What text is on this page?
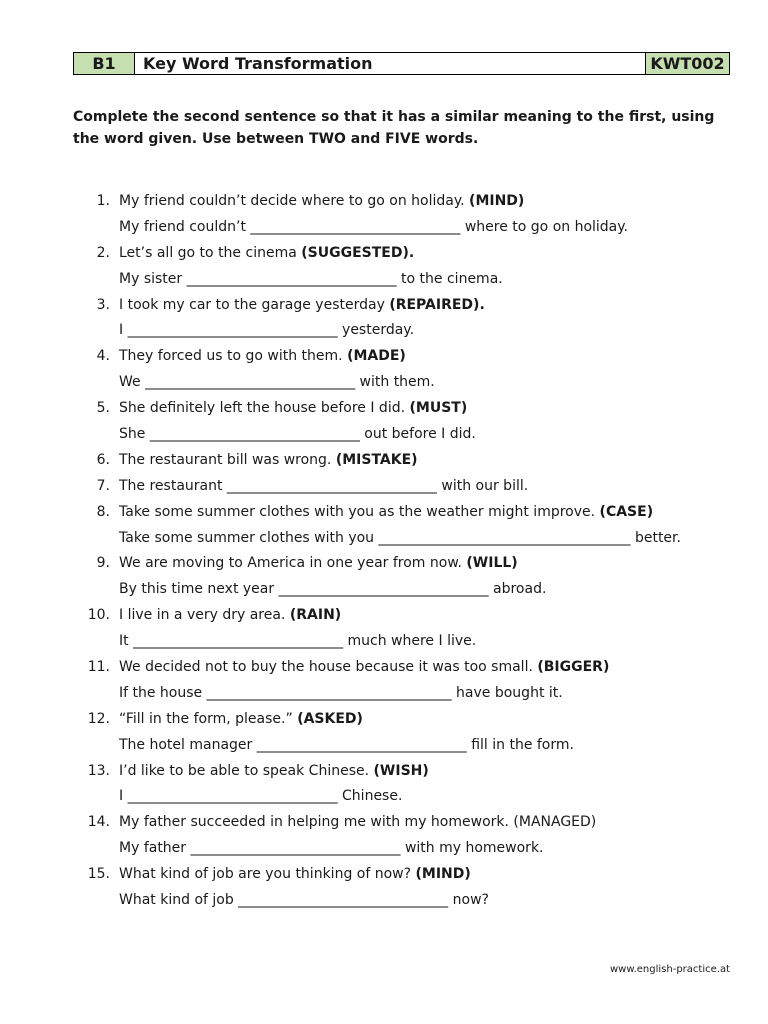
B1	Key Word Transformation	KWT002
Complete the second sentence so that it has a similar meaning to the first, using the word given. Use between TWO and FIVE words.
1. My friend couldn’t decide where to go on holiday. (MIND)
My friend couldn’t ______________________________ where to go on holiday.
2. Let’s all go to the cinema (SUGGESTED).
My sister ______________________________ to the cinema.
3. I took my car to the garage yesterday (REPAIRED).
I ______________________________ yesterday.
4. They forced us to go with them. (MADE)
We ______________________________ with them.
5. She definitely left the house before I did. (MUST)
She ______________________________ out before I did.
6. The restaurant bill was wrong. (MISTAKE)
7. The restaurant ______________________________ with our bill.
8. Take some summer clothes with you as the weather might improve. (CASE)
Take some summer clothes with you ____________________________________ better.
9. We are moving to America in one year from now. (WILL)
By this time next year ______________________________ abroad.
10. I live in a very dry area. (RAIN)
It ______________________________ much where I live.
11. We decided not to buy the house because it was too small. (BIGGER)
If the house ___________________________________ have bought it.
12. “Fill in the form, please.” (ASKED)
The hotel manager ______________________________ fill in the form.
13. I’d like to be able to speak Chinese. (WISH)
I ______________________________ Chinese.
14. My father succeeded in helping me with my homework. (MANAGED)
My father ______________________________ with my homework.
15. What kind of job are you thinking of now? (MIND)
What kind of job ______________________________ now?
www.english-practice.at
